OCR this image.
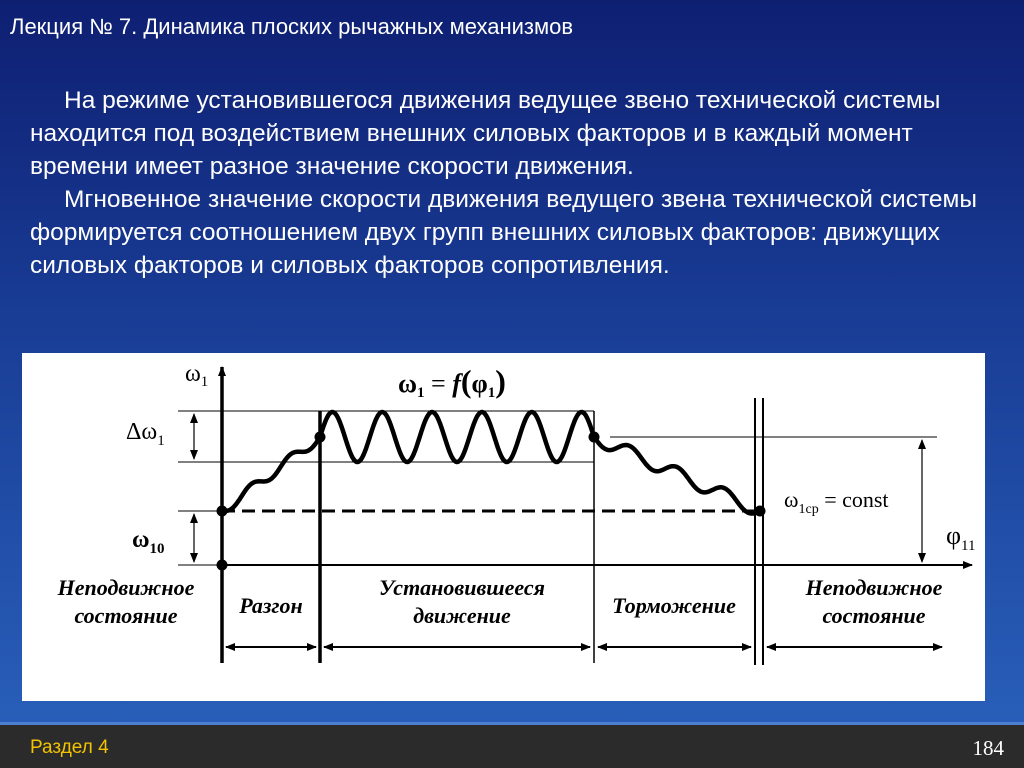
Лекция № 7. Динамика плоских рычажных механизмов

На режиме установившегося движения ведущее звено технической системы находится под воздействием внешних силовых факторов и в каждый момент времени имеет разное значение скорости движения.

Мгновенное значение скорости движения ведущего звена технической системы формируется соотношением двух групп внешних силовых факторов: движущих силовых факторов и силовых факторов сопротивления.

$\omega_1$
$\varphi_{11}$
ω1 = f(φ1)
$\Delta\omega_1$
$\omega_{10}$
$\omega_{1ср}$ = const
Неподвижное
состояние	Разгон
Установившееся
движение	Торможение
Неподвижное
состояние
Раздел 4	184
